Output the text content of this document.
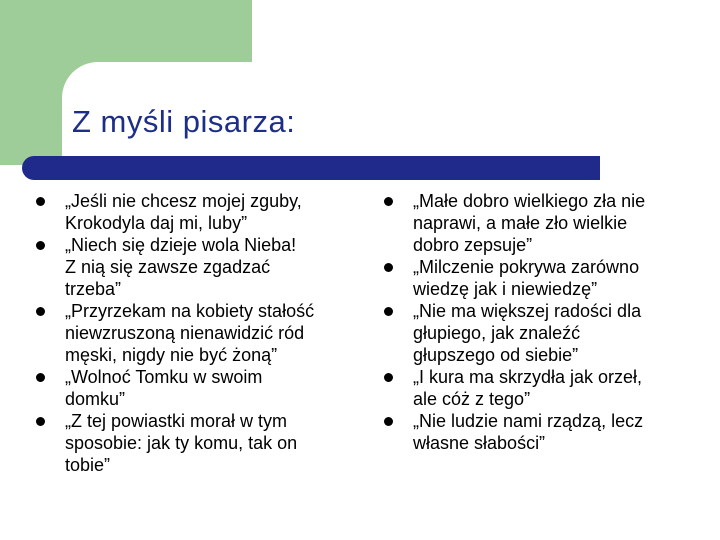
Z myśli pisarza:
„Jeśli nie chcesz mojej zguby,
Krokodyla daj mi, luby”
„Niech się dzieje wola Nieba!
Z nią się zawsze zgadzać
trzeba”
„Przyrzekam na kobiety stałość
niewzruszoną nienawidzić ród
męski, nigdy nie być żoną”
„Wolnoć Tomku w swoim
domku”
„Z tej powiastki morał w tym
sposobie: jak ty komu, tak on
tobie”
„Małe dobro wielkiego zła nie
naprawi, a małe zło wielkie
dobro zepsuje”
„Milczenie pokrywa zarówno
wiedzę jak i niewiedzę”
„Nie ma większej radości dla
głupiego, jak znaleźć
głupszego od siebie”
„I kura ma skrzydła jak orzeł,
ale cóż z tego”
„Nie ludzie nami rządzą, lecz
własne słabości”
